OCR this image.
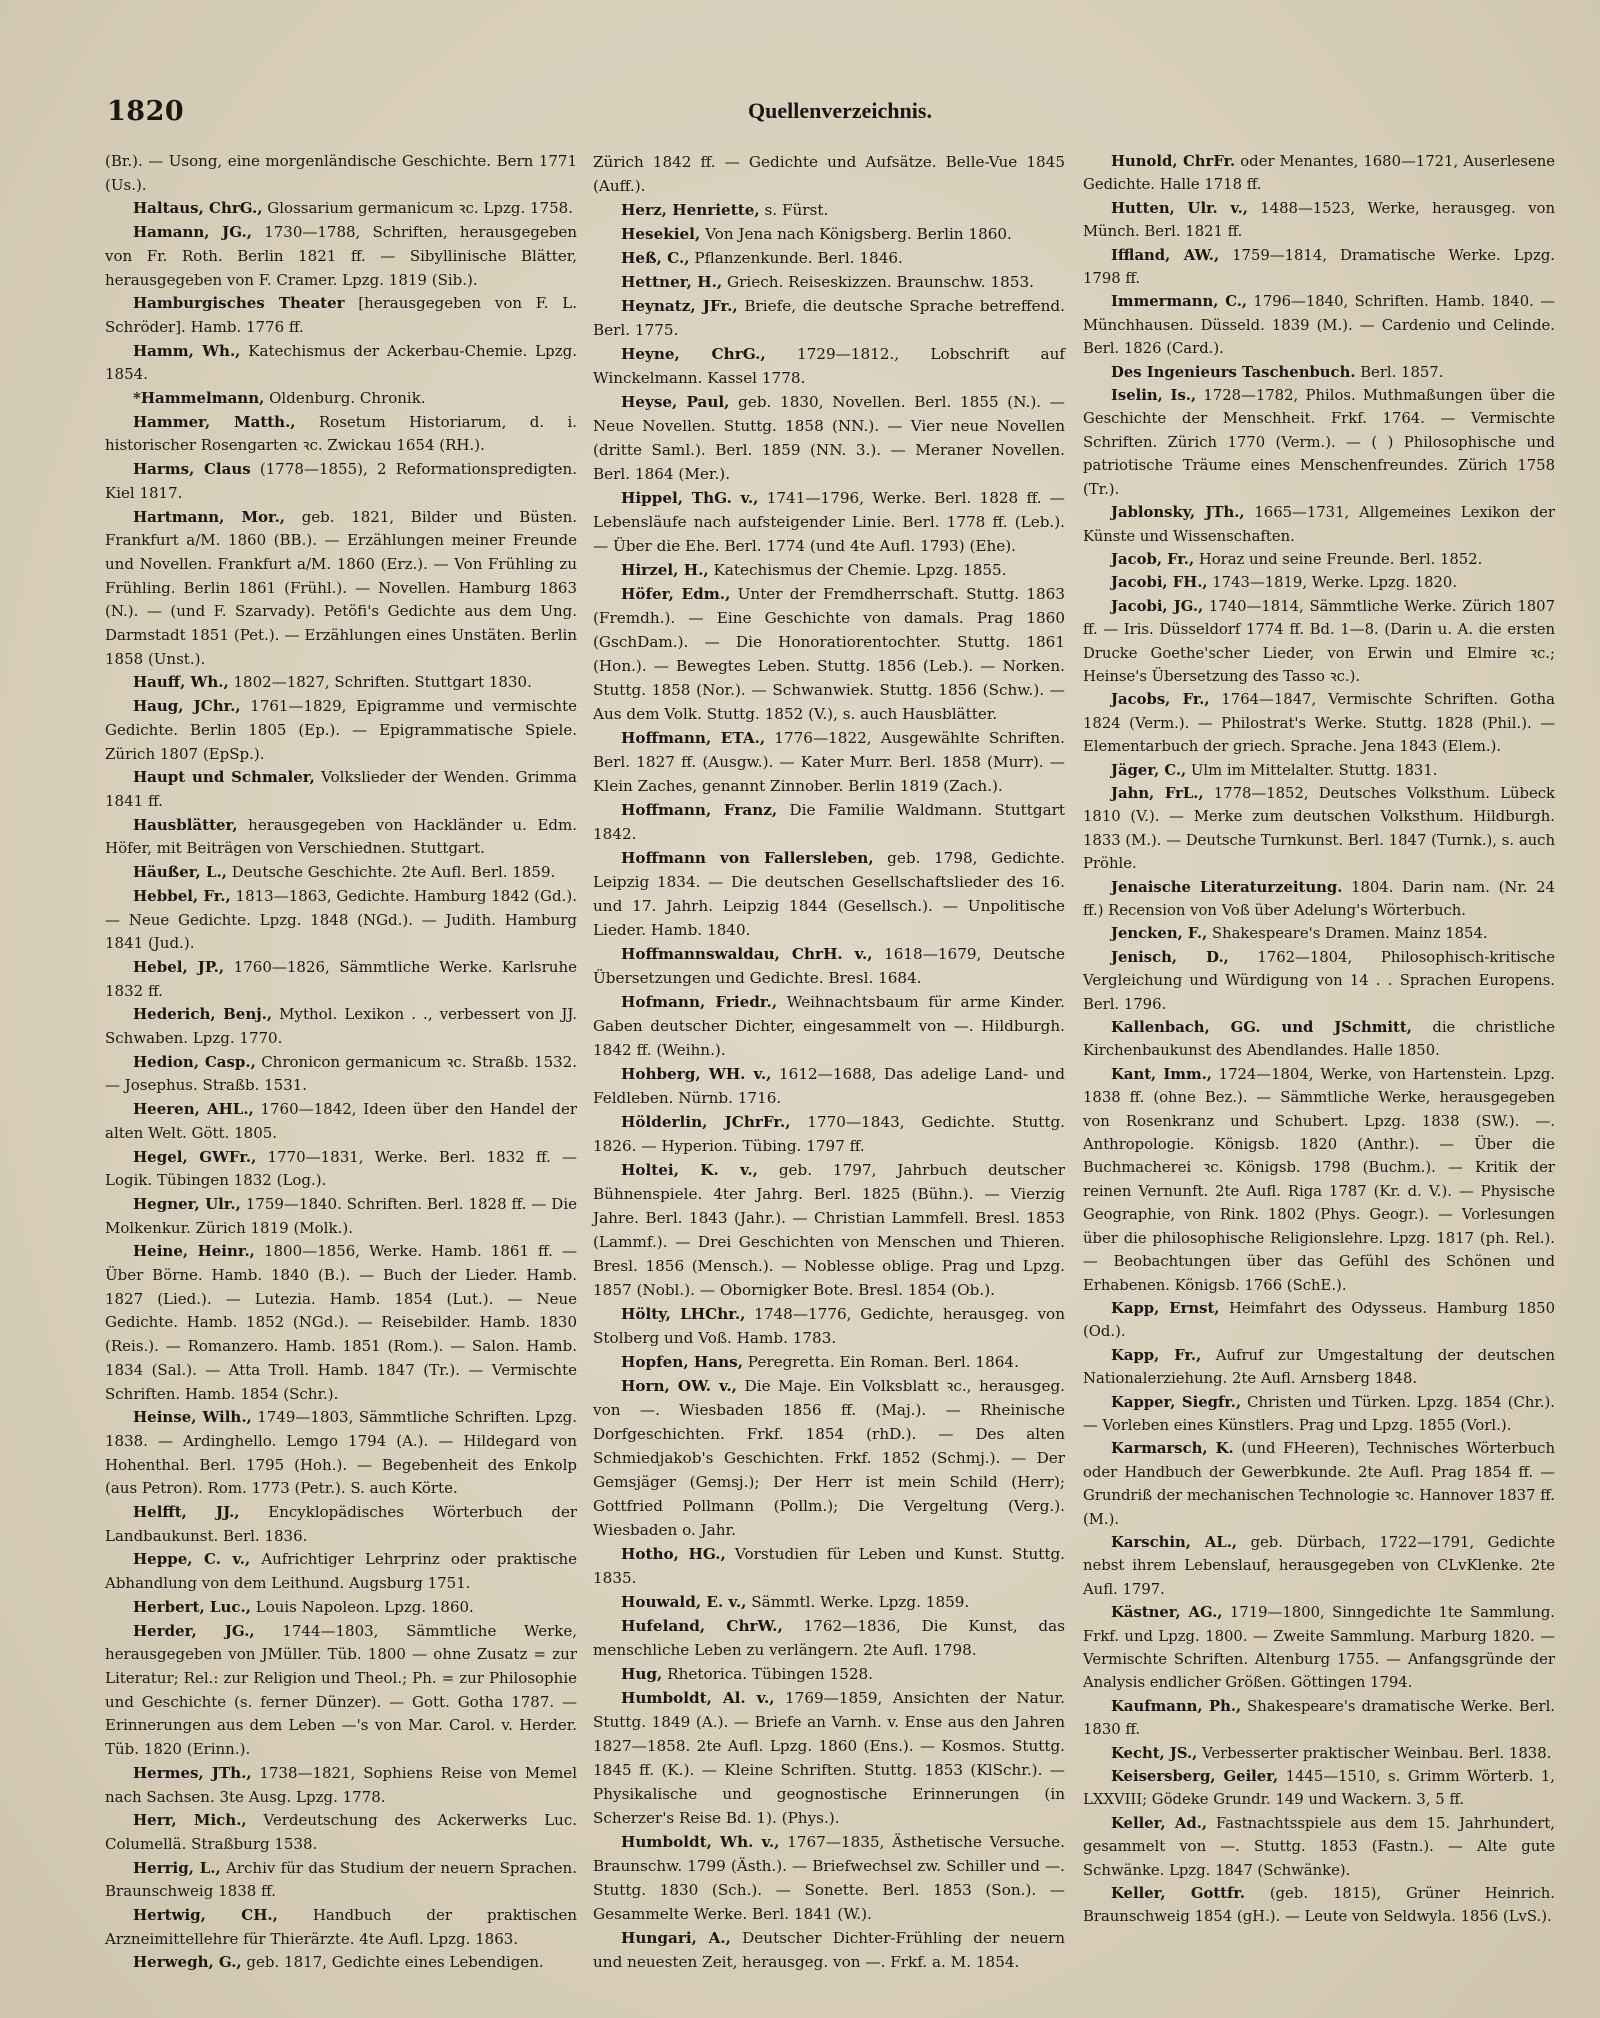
1820	Quellenverzeichnis.

(Br.). — Usong, eine morgenländische Geschichte. Bern 1771 (Us.).

Haltaus, ChrG., Glossarium germanicum ꝛc. Lpzg. 1758.

Hamann, JG., 1730—1788, Schriften, herausgegeben von Fr. Roth. Berlin 1821 ff. — Sibyllinische Blätter, herausgegeben von F. Cramer. Lpzg. 1819 (Sib.).

Hamburgisches Theater [herausgegeben von F. L. Schröder]. Hamb. 1776 ff.

Hamm, Wh., Katechismus der Ackerbau-Chemie. Lpzg. 1854.

*Hammelmann, Oldenburg. Chronik.

Hammer, Matth., Rosetum Historiarum, d. i. historischer Rosengarten ꝛc. Zwickau 1654 (RH.).

Harms, Claus (1778—1855), 2 Reformationspredigten. Kiel 1817.

Hartmann, Mor., geb. 1821, Bilder und Büsten. Frankfurt a/M. 1860 (BB.). — Erzählungen meiner Freunde und Novellen. Frankfurt a/M. 1860 (Erz.). — Von Frühling zu Frühling. Berlin 1861 (Frühl.). — Novellen. Hamburg 1863 (N.). — (und F. Szarvady). Petöfi's Gedichte aus dem Ung. Darmstadt 1851 (Pet.). — Erzählungen eines Unstäten. Berlin 1858 (Unst.).

Hauff, Wh., 1802—1827, Schriften. Stuttgart 1830.

Haug, JChr., 1761—1829, Epigramme und vermischte Gedichte. Berlin 1805 (Ep.). — Epigrammatische Spiele. Zürich 1807 (EpSp.).

Haupt und Schmaler, Volkslieder der Wenden. Grimma 1841 ff.

Hausblätter, herausgegeben von Hackländer u. Edm. Höfer, mit Beiträgen von Verschiednen. Stuttgart.

Häußer, L., Deutsche Geschichte. 2te Aufl. Berl. 1859.

Hebbel, Fr., 1813—1863, Gedichte. Hamburg 1842 (Gd.). — Neue Gedichte. Lpzg. 1848 (NGd.). — Judith. Hamburg 1841 (Jud.).

Hebel, JP., 1760—1826, Sämmtliche Werke. Karlsruhe 1832 ff.

Hederich, Benj., Mythol. Lexikon . ., verbessert von JJ. Schwaben. Lpzg. 1770.

Hedion, Casp., Chronicon germanicum ꝛc. Straßb. 1532. — Josephus. Straßb. 1531.

Heeren, AHL., 1760—1842, Ideen über den Handel der alten Welt. Gött. 1805.

Hegel, GWFr., 1770—1831, Werke. Berl. 1832 ff. — Logik. Tübingen 1832 (Log.).

Hegner, Ulr., 1759—1840. Schriften. Berl. 1828 ff. — Die Molkenkur. Zürich 1819 (Molk.).

Heine, Heinr., 1800—1856, Werke. Hamb. 1861 ff. — Über Börne. Hamb. 1840 (B.). — Buch der Lieder. Hamb. 1827 (Lied.). — Lutezia. Hamb. 1854 (Lut.). — Neue Gedichte. Hamb. 1852 (NGd.). — Reisebilder. Hamb. 1830 (Reis.). — Romanzero. Hamb. 1851 (Rom.). — Salon. Hamb. 1834 (Sal.). — Atta Troll. Hamb. 1847 (Tr.). — Vermischte Schriften. Hamb. 1854 (Schr.).

Heinse, Wilh., 1749—1803, Sämmtliche Schriften. Lpzg. 1838. — Ardinghello. Lemgo 1794 (A.). — Hildegard von Hohenthal. Berl. 1795 (Hoh.). — Begebenheit des Enkolp (aus Petron). Rom. 1773 (Petr.). S. auch Körte.

Helfft, JJ., Encyklopädisches Wörterbuch der Landbaukunst. Berl. 1836.

Heppe, C. v., Aufrichtiger Lehrprinz oder praktische Abhandlung von dem Leithund. Augsburg 1751.

Herbert, Luc., Louis Napoleon. Lpzg. 1860.

Herder, JG., 1744—1803, Sämmtliche Werke, herausgegeben von JMüller. Tüb. 1800 — ohne Zusatz = zur Literatur; Rel.: zur Religion und Theol.; Ph. = zur Philosophie und Geschichte (s. ferner Dünzer). — Gott. Gotha 1787. — Erinnerungen aus dem Leben —'s von Mar. Carol. v. Herder. Tüb. 1820 (Erinn.).

Hermes, JTh., 1738—1821, Sophiens Reise von Memel nach Sachsen. 3te Ausg. Lpzg. 1778.

Herr, Mich., Verdeutschung des Ackerwerks Luc. Columellä. Straßburg 1538.

Herrig, L., Archiv für das Studium der neuern Sprachen. Braunschweig 1838 ff.

Hertwig, CH., Handbuch der praktischen Arzneimittellehre für Thierärzte. 4te Aufl. Lpzg. 1863.

Herwegh, G., geb. 1817, Gedichte eines Lebendigen.

Zürich 1842 ff. — Gedichte und Aufsätze. Belle-Vue 1845 (Auff.).

Herz, Henriette, s. Fürst.

Hesekiel, Von Jena nach Königsberg. Berlin 1860.

Heß, C., Pflanzenkunde. Berl. 1846.

Hettner, H., Griech. Reiseskizzen. Braunschw. 1853.

Heynatz, JFr., Briefe, die deutsche Sprache betreffend. Berl. 1775.

Heyne, ChrG., 1729—1812., Lobschrift auf Winckelmann. Kassel 1778.

Heyse, Paul, geb. 1830, Novellen. Berl. 1855 (N.). — Neue Novellen. Stuttg. 1858 (NN.). — Vier neue Novellen (dritte Saml.). Berl. 1859 (NN. 3.). — Meraner Novellen. Berl. 1864 (Mer.).

Hippel, ThG. v., 1741—1796, Werke. Berl. 1828 ff. — Lebensläufe nach aufsteigender Linie. Berl. 1778 ff. (Leb.). — Über die Ehe. Berl. 1774 (und 4te Aufl. 1793) (Ehe).

Hirzel, H., Katechismus der Chemie. Lpzg. 1855.

Höfer, Edm., Unter der Fremdherrschaft. Stuttg. 1863 (Fremdh.). — Eine Geschichte von damals. Prag 1860 (GschDam.). — Die Honoratiorentochter. Stuttg. 1861 (Hon.). — Bewegtes Leben. Stuttg. 1856 (Leb.). — Norken. Stuttg. 1858 (Nor.). — Schwanwiek. Stuttg. 1856 (Schw.). — Aus dem Volk. Stuttg. 1852 (V.), s. auch Hausblätter.

Hoffmann, ETA., 1776—1822, Ausgewählte Schriften. Berl. 1827 ff. (Ausgw.). — Kater Murr. Berl. 1858 (Murr). — Klein Zaches, genannt Zinnober. Berlin 1819 (Zach.).

Hoffmann, Franz, Die Familie Waldmann. Stuttgart 1842.

Hoffmann von Fallersleben, geb. 1798, Gedichte. Leipzig 1834. — Die deutschen Gesellschaftslieder des 16. und 17. Jahrh. Leipzig 1844 (Gesellsch.). — Unpolitische Lieder. Hamb. 1840.

Hoffmannswaldau, ChrH. v., 1618—1679, Deutsche Übersetzungen und Gedichte. Bresl. 1684.

Hofmann, Friedr., Weihnachtsbaum für arme Kinder. Gaben deutscher Dichter, eingesammelt von —. Hildburgh. 1842 ff. (Weihn.).

Hohberg, WH. v., 1612—1688, Das adelige Land- und Feldleben. Nürnb. 1716.

Hölderlin, JChrFr., 1770—1843, Gedichte. Stuttg. 1826. — Hyperion. Tübing. 1797 ff.

Holtei, K. v., geb. 1797, Jahrbuch deutscher Bühnenspiele. 4ter Jahrg. Berl. 1825 (Bühn.). — Vierzig Jahre. Berl. 1843 (Jahr.). — Christian Lammfell. Bresl. 1853 (Lammf.). — Drei Geschichten von Menschen und Thieren. Bresl. 1856 (Mensch.). — Noblesse oblige. Prag und Lpzg. 1857 (Nobl.). — Obornigker Bote. Bresl. 1854 (Ob.).

Hölty, LHChr., 1748—1776, Gedichte, herausgeg. von Stolberg und Voß. Hamb. 1783.

Hopfen, Hans, Peregretta. Ein Roman. Berl. 1864.

Horn, OW. v., Die Maje. Ein Volksblatt ꝛc., herausgeg. von —. Wiesbaden 1856 ff. (Maj.). — Rheinische Dorfgeschichten. Frkf. 1854 (rhD.). — Des alten Schmiedjakob's Geschichten. Frkf. 1852 (Schmj.). — Der Gemsjäger (Gemsj.); Der Herr ist mein Schild (Herr); Gottfried Pollmann (Pollm.); Die Vergeltung (Verg.). Wiesbaden o. Jahr.

Hotho, HG., Vorstudien für Leben und Kunst. Stuttg. 1835.

Houwald, E. v., Sämmtl. Werke. Lpzg. 1859.

Hufeland, ChrW., 1762—1836, Die Kunst, das menschliche Leben zu verlängern. 2te Aufl. 1798.

Hug, Rhetorica. Tübingen 1528.

Humboldt, Al. v., 1769—1859, Ansichten der Natur. Stuttg. 1849 (A.). — Briefe an Varnh. v. Ense aus den Jahren 1827—1858. 2te Aufl. Lpzg. 1860 (Ens.). — Kosmos. Stuttg. 1845 ff. (K.). — Kleine Schriften. Stuttg. 1853 (KlSchr.). — Physikalische und geognostische Erinnerungen (in Scherzer's Reise Bd. 1). (Phys.).

Humboldt, Wh. v., 1767—1835, Ästhetische Versuche. Braunschw. 1799 (Ästh.). — Briefwechsel zw. Schiller und —. Stuttg. 1830 (Sch.). — Sonette. Berl. 1853 (Son.). — Gesammelte Werke. Berl. 1841 (W.).

Hungari, A., Deutscher Dichter-Frühling der neuern und neuesten Zeit, herausgeg. von —. Frkf. a. M. 1854.

Hunold, ChrFr. oder Menantes, 1680—1721, Auserlesene Gedichte. Halle 1718 ff.

Hutten, Ulr. v., 1488—1523, Werke, herausgeg. von Münch. Berl. 1821 ff.

Iffland, AW., 1759—1814, Dramatische Werke. Lpzg. 1798 ff.

Immermann, C., 1796—1840, Schriften. Hamb. 1840. — Münchhausen. Düsseld. 1839 (M.). — Cardenio und Celinde. Berl. 1826 (Card.).

Des Ingenieurs Taschenbuch. Berl. 1857.

Iselin, Is., 1728—1782, Philos. Muthmaßungen über die Geschichte der Menschheit. Frkf. 1764. — Vermischte Schriften. Zürich 1770 (Verm.). — ( ) Philosophische und patriotische Träume eines Menschenfreundes. Zürich 1758 (Tr.).

Jablonsky, JTh., 1665—1731, Allgemeines Lexikon der Künste und Wissenschaften.

Jacob, Fr., Horaz und seine Freunde. Berl. 1852.

Jacobi, FH., 1743—1819, Werke. Lpzg. 1820.

Jacobi, JG., 1740—1814, Sämmtliche Werke. Zürich 1807 ff. — Iris. Düsseldorf 1774 ff. Bd. 1—8. (Darin u. A. die ersten Drucke Goethe'scher Lieder, von Erwin und Elmire ꝛc.; Heinse's Übersetzung des Tasso ꝛc.).

Jacobs, Fr., 1764—1847, Vermischte Schriften. Gotha 1824 (Verm.). — Philostrat's Werke. Stuttg. 1828 (Phil.). — Elementarbuch der griech. Sprache. Jena 1843 (Elem.).

Jäger, C., Ulm im Mittelalter. Stuttg. 1831.

Jahn, FrL., 1778—1852, Deutsches Volksthum. Lübeck 1810 (V.). — Merke zum deutschen Volksthum. Hildburgh. 1833 (M.). — Deutsche Turnkunst. Berl. 1847 (Turnk.), s. auch Pröhle.

Jenaische Literaturzeitung. 1804. Darin nam. (Nr. 24 ff.) Recension von Voß über Adelung's Wörterbuch.

Jencken, F., Shakespeare's Dramen. Mainz 1854.

Jenisch, D., 1762—1804, Philosophisch-kritische Vergleichung und Würdigung von 14 . . Sprachen Europens. Berl. 1796.

Kallenbach, GG. und JSchmitt, die christliche Kirchenbaukunst des Abendlandes. Halle 1850.

Kant, Imm., 1724—1804, Werke, von Hartenstein. Lpzg. 1838 ff. (ohne Bez.). — Sämmtliche Werke, herausgegeben von Rosenkranz und Schubert. Lpzg. 1838 (SW.). —. Anthropologie. Königsb. 1820 (Anthr.). — Über die Buchmacherei ꝛc. Königsb. 1798 (Buchm.). — Kritik der reinen Vernunft. 2te Aufl. Riga 1787 (Kr. d. V.). — Physische Geographie, von Rink. 1802 (Phys. Geogr.). — Vorlesungen über die philosophische Religionslehre. Lpzg. 1817 (ph. Rel.). — Beobachtungen über das Gefühl des Schönen und Erhabenen. Königsb. 1766 (SchE.).

Kapp, Ernst, Heimfahrt des Odysseus. Hamburg 1850 (Od.).

Kapp, Fr., Aufruf zur Umgestaltung der deutschen Nationalerziehung. 2te Aufl. Arnsberg 1848.

Kapper, Siegfr., Christen und Türken. Lpzg. 1854 (Chr.). — Vorleben eines Künstlers. Prag und Lpzg. 1855 (Vorl.).

Karmarsch, K. (und FHeeren), Technisches Wörterbuch oder Handbuch der Gewerbkunde. 2te Aufl. Prag 1854 ff. — Grundriß der mechanischen Technologie ꝛc. Hannover 1837 ff. (M.).

Karschin, AL., geb. Dürbach, 1722—1791, Gedichte nebst ihrem Lebenslauf, herausgegeben von CLvKlenke. 2te Aufl. 1797.

Kästner, AG., 1719—1800, Sinngedichte 1te Sammlung. Frkf. und Lpzg. 1800. — Zweite Sammlung. Marburg 1820. — Vermischte Schriften. Altenburg 1755. — Anfangsgründe der Analysis endlicher Größen. Göttingen 1794.

Kaufmann, Ph., Shakespeare's dramatische Werke. Berl. 1830 ff.

Kecht, JS., Verbesserter praktischer Weinbau. Berl. 1838.

Keisersberg, Geiler, 1445—1510, s. Grimm Wörterb. 1, LXXVIII; Gödeke Grundr. 149 und Wackern. 3, 5 ff.

Keller, Ad., Fastnachtsspiele aus dem 15. Jahrhundert, gesammelt von —. Stuttg. 1853 (Fastn.). — Alte gute Schwänke. Lpzg. 1847 (Schwänke).

Keller, Gottfr. (geb. 1815), Grüner Heinrich. Braunschweig 1854 (gH.). — Leute von Seldwyla. 1856 (LvS.).
